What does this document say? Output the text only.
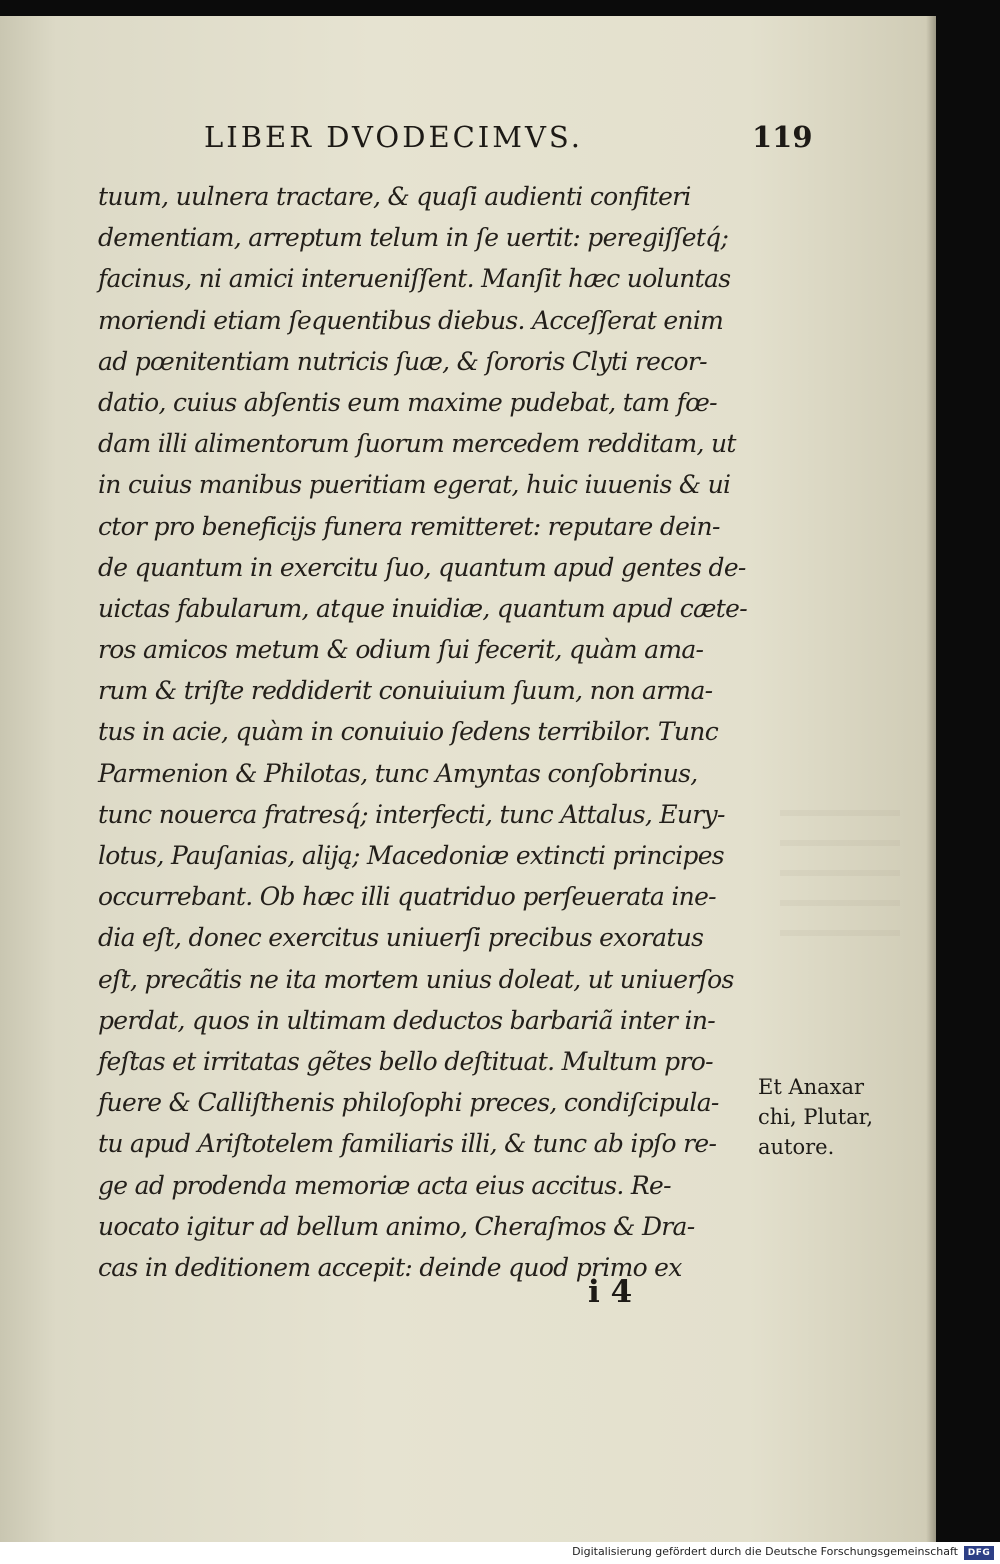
LIBER DVODECIMVS.	119
tuum, uulnera tractare, & quaſi audienti confiteri
dementiam, arreptum telum in ſe uertit: peregiſſetq́;
facinus, ni amici interueniſſent. Manſit hæc uoluntas
moriendi etiam ſequentibus diebus. Acceſſerat enim
ad pœnitentiam nutricis ſuæ, & ſororis Clyti recor-
datio, cuius abſentis eum maxime pudebat, tam fœ-
dam illi alimentorum ſuorum mercedem redditam, ut
in cuius manibus pueritiam egerat, huic iuuenis & ui
ctor pro beneficijs funera remitteret: reputare dein-
de quantum in exercitu ſuo, quantum apud gentes de-
uictas fabularum, atque inuidiæ, quantum apud cæte-
ros amicos metum & odium ſui fecerit, quàm ama-
rum & triſte reddiderit conuiuium ſuum, non arma-
tus in acie, quàm in conuiuio ſedens terribilor. Tunc
Parmenion & Philotas, tunc Amyntas conſobrinus,
tunc nouerca fratresq́; interfecti, tunc Attalus, Eury-
lotus, Pauſanias, aliją; Macedoniæ extincti principes
occurrebant. Ob hæc illi quatriduo perſeuerata ine-
dia eſt, donec exercitus uniuerſi precibus exoratus
eſt, precãtis ne ita mortem unius doleat, ut uniuerſos
perdat, quos in ultimam deductos barbariã inter in-
feſtas et irritatas gẽtes bello deſtituat. Multum pro-
fuere & Calliſthenis philoſophi preces, condiſcipula-
tu apud Ariſtotelem familiaris illi, & tunc ab ipſo re-
ge ad prodenda memoriæ acta eius accitus. Re-
uocato igitur ad bellum animo, Cheraſmos & Dra-
cas in deditionem accepit: deinde quod primo ex
Et Anaxar
chi, Plutar,
autore.
i 4
Digitalisierung gefördert durch die Deutsche Forschungsgemeinschaft	DFG
